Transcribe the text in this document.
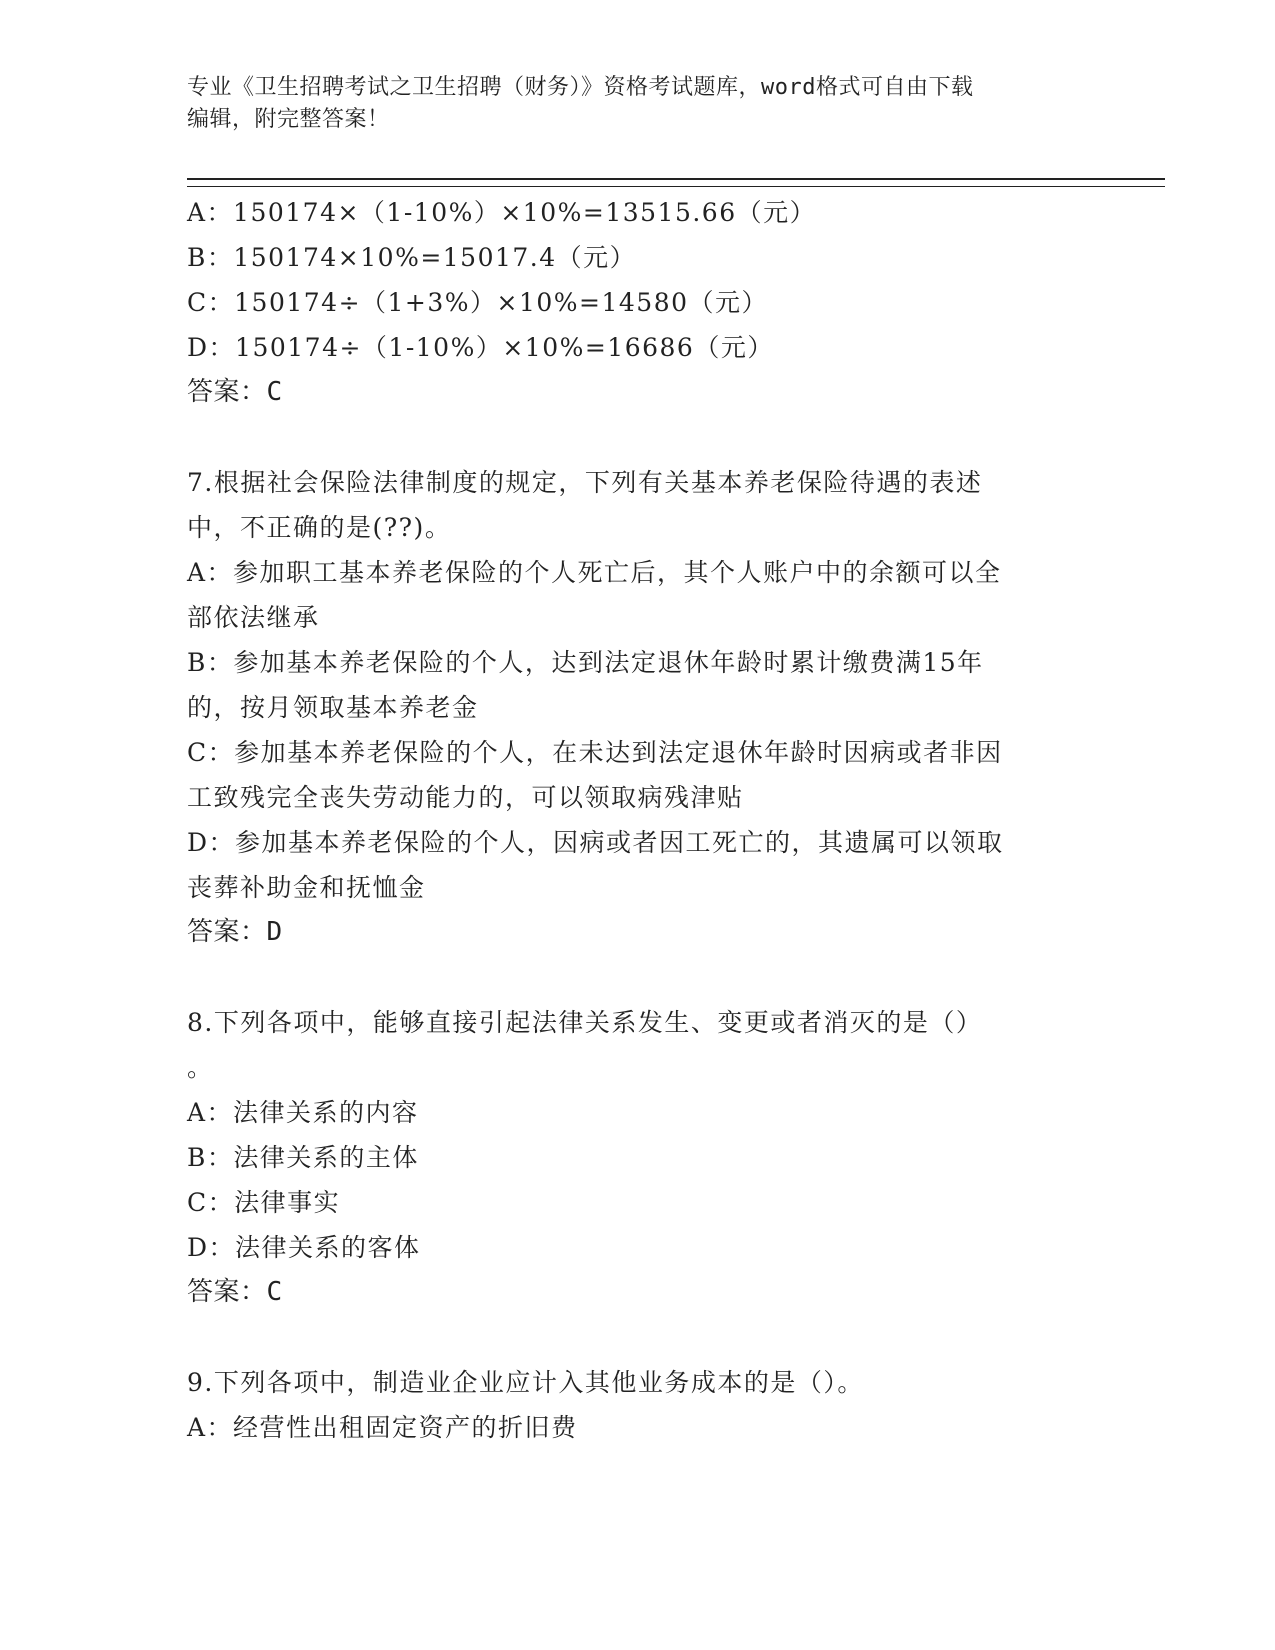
专业《卫生招聘考试之卫生招聘（财务）》资格考试题库，word格式可自由下载
编辑，附完整答案！
A：150174×（1-10%）×10%=13515.66（元）
B：150174×10%=15017.4（元）
C：150174÷（1+3%）×10%=14580（元）
D：150174÷（1-10%）×10%=16686（元）
答案：C
7.根据社会保险法律制度的规定，下列有关基本养老保险待遇的表述
中，不正确的是(??)。
A：参加职工基本养老保险的个人死亡后，其个人账户中的余额可以全
部依法继承
B：参加基本养老保险的个人，达到法定退休年龄时累计缴费满15年
的，按月领取基本养老金
C：参加基本养老保险的个人，在未达到法定退休年龄时因病或者非因
工致残完全丧失劳动能力的，可以领取病残津贴
D：参加基本养老保险的个人，因病或者因工死亡的，其遗属可以领取
丧葬补助金和抚恤金
答案：D
8.下列各项中，能够直接引起法律关系发生、变更或者消灭的是（）
。
A：法律关系的内容
B：法律关系的主体
C：法律事实
D：法律关系的客体
答案：C
9.下列各项中，制造业企业应计入其他业务成本的是（）。
A：经营性出租固定资产的折旧费
